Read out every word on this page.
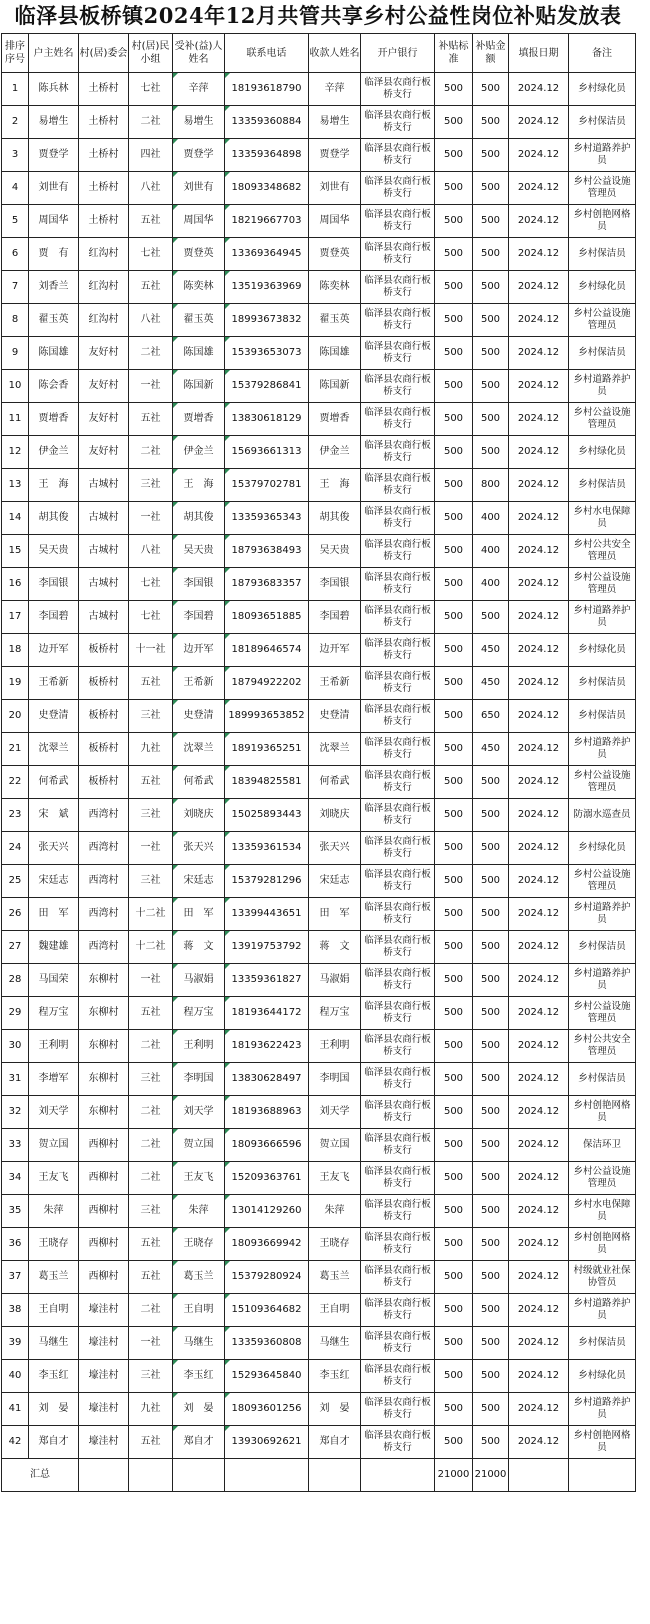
临泽县板桥镇2024年12月共管共享乡村公益性岗位补贴发放表
排序序号	户主姓名	村(居)委会	村(居)民小组	受补(益)人姓名	联系电话	收款人姓名	开户银行	补贴标准	补贴金额	填报日期	备注
1	陈兵林	土桥村	七社	辛萍	18193618790	辛萍	临泽县农商行板桥支行	500	500	2024.12	乡村绿化员
2	易增生	土桥村	二社	易增生	13359360884	易增生	临泽县农商行板桥支行	500	500	2024.12	乡村保洁员
3	贾登学	土桥村	四社	贾登学	13359364898	贾登学	临泽县农商行板桥支行	500	500	2024.12	乡村道路养护员
4	刘世有	土桥村	八社	刘世有	18093348682	刘世有	临泽县农商行板桥支行	500	500	2024.12	乡村公益设施管理员
5	周国华	土桥村	五社	周国华	18219667703	周国华	临泽县农商行板桥支行	500	500	2024.12	乡村创艳网格员
6	贾　有	红沟村	七社	贾登英	13369364945	贾登英	临泽县农商行板桥支行	500	500	2024.12	乡村保洁员
7	刘香兰	红沟村	五社	陈奕林	13519363969	陈奕林	临泽县农商行板桥支行	500	500	2024.12	乡村绿化员
8	翟玉英	红沟村	八社	翟玉英	18993673832	翟玉英	临泽县农商行板桥支行	500	500	2024.12	乡村公益设施管理员
9	陈国雄	友好村	二社	陈国雄	15393653073	陈国雄	临泽县农商行板桥支行	500	500	2024.12	乡村保洁员
10	陈会香	友好村	一社	陈国新	15379286841	陈国新	临泽县农商行板桥支行	500	500	2024.12	乡村道路养护员
11	贾增香	友好村	五社	贾增香	13830618129	贾增香	临泽县农商行板桥支行	500	500	2024.12	乡村公益设施管理员
12	伊金兰	友好村	二社	伊金兰	15693661313	伊金兰	临泽县农商行板桥支行	500	500	2024.12	乡村绿化员
13	王　海	古城村	三社	王　海	15379702781	王　海	临泽县农商行板桥支行	500	800	2024.12	乡村保洁员
14	胡其俊	古城村	一社	胡其俊	13359365343	胡其俊	临泽县农商行板桥支行	500	400	2024.12	乡村水电保障员
15	吴天贵	古城村	八社	吴天贵	18793638493	吴天贵	临泽县农商行板桥支行	500	400	2024.12	乡村公共安全管理员
16	李国银	古城村	七社	李国银	18793683357	李国银	临泽县农商行板桥支行	500	400	2024.12	乡村公益设施管理员
17	李国碧	古城村	七社	李国碧	18093651885	李国碧	临泽县农商行板桥支行	500	500	2024.12	乡村道路养护员
18	边开军	板桥村	十一社	边开军	18189646574	边开军	临泽县农商行板桥支行	500	450	2024.12	乡村绿化员
19	王希新	板桥村	五社	王希新	18794922202	王希新	临泽县农商行板桥支行	500	450	2024.12	乡村保洁员
20	史登清	板桥村	三社	史登清	189993653852	史登清	临泽县农商行板桥支行	500	650	2024.12	乡村保洁员
21	沈翠兰	板桥村	九社	沈翠兰	18919365251	沈翠兰	临泽县农商行板桥支行	500	450	2024.12	乡村道路养护员
22	何希武	板桥村	五社	何希武	18394825581	何希武	临泽县农商行板桥支行	500	500	2024.12	乡村公益设施管理员
23	宋　斌	西湾村	三社	刘晓庆	15025893443	刘晓庆	临泽县农商行板桥支行	500	500	2024.12	防溺水巡查员
24	张天兴	西湾村	一社	张天兴	13359361534	张天兴	临泽县农商行板桥支行	500	500	2024.12	乡村绿化员
25	宋廷志	西湾村	三社	宋廷志	15379281296	宋廷志	临泽县农商行板桥支行	500	500	2024.12	乡村公益设施管理员
26	田　军	西湾村	十二社	田　军	13399443651	田　军	临泽县农商行板桥支行	500	500	2024.12	乡村道路养护员
27	魏建雄	西湾村	十二社	蒋　文	13919753792	蒋　文	临泽县农商行板桥支行	500	500	2024.12	乡村保洁员
28	马国荣	东柳村	一社	马淑娟	13359361827	马淑娟	临泽县农商行板桥支行	500	500	2024.12	乡村道路养护员
29	程万宝	东柳村	五社	程万宝	18193644172	程万宝	临泽县农商行板桥支行	500	500	2024.12	乡村公益设施管理员
30	王利明	东柳村	二社	王利明	18193622423	王利明	临泽县农商行板桥支行	500	500	2024.12	乡村公共安全管理员
31	李增军	东柳村	三社	李明国	13830628497	李明国	临泽县农商行板桥支行	500	500	2024.12	乡村保洁员
32	刘天学	东柳村	二社	刘天学	18193688963	刘天学	临泽县农商行板桥支行	500	500	2024.12	乡村创艳网格员
33	贺立国	西柳村	二社	贺立国	18093666596	贺立国	临泽县农商行板桥支行	500	500	2024.12	保洁环卫
34	王友飞	西柳村	二社	王友飞	15209363761	王友飞	临泽县农商行板桥支行	500	500	2024.12	乡村公益设施管理员
35	朱萍	西柳村	三社	朱萍	13014129260	朱萍	临泽县农商行板桥支行	500	500	2024.12	乡村水电保障员
36	王晓存	西柳村	五社	王晓存	18093669942	王晓存	临泽县农商行板桥支行	500	500	2024.12	乡村创艳网格员
37	葛玉兰	西柳村	五社	葛玉兰	15379280924	葛玉兰	临泽县农商行板桥支行	500	500	2024.12	村级就业社保协管员
38	王自明	壕洼村	二社	王自明	15109364682	王自明	临泽县农商行板桥支行	500	500	2024.12	乡村道路养护员
39	马继生	壕洼村	一社	马继生	13359360808	马继生	临泽县农商行板桥支行	500	500	2024.12	乡村保洁员
40	李玉红	壕洼村	三社	李玉红	15293645840	李玉红	临泽县农商行板桥支行	500	500	2024.12	乡村绿化员
41	刘　晏	壕洼村	九社	刘　晏	18093601256	刘　晏	临泽县农商行板桥支行	500	500	2024.12	乡村道路养护员
42	郑自才	壕洼村	五社	郑自才	13930692621	郑自才	临泽县农商行板桥支行	500	500	2024.12	乡村创艳网格员
汇总								21000	21000		
